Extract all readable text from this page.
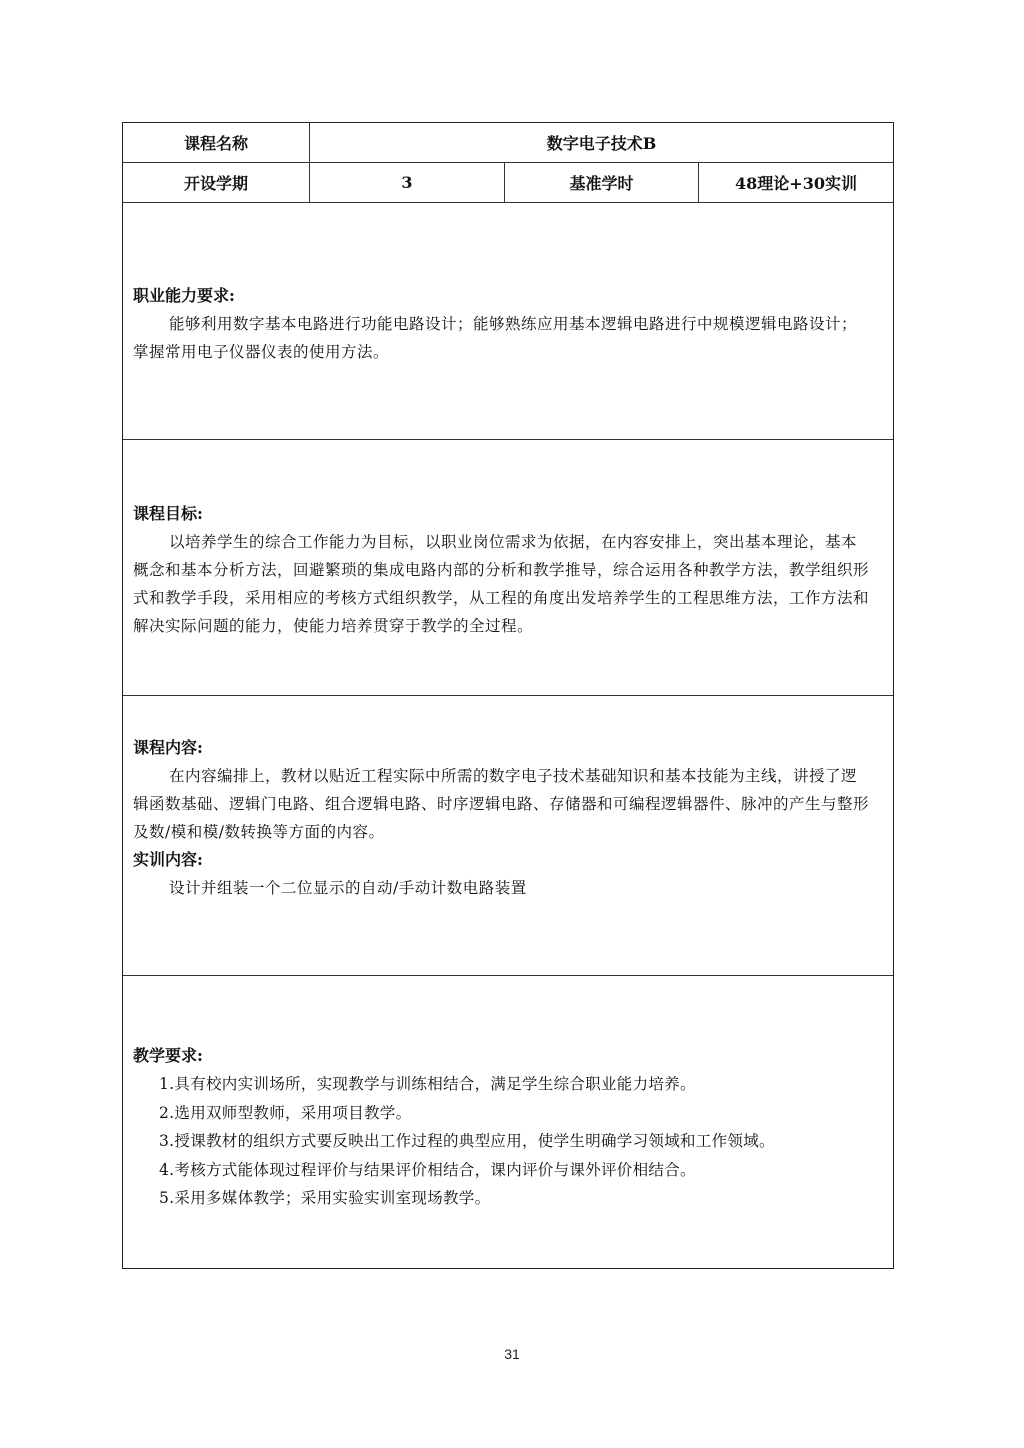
课程名称	数字电子技术B
开设学期	3	基准学时	48理论+30实训
职业能力要求:
能够利用数字基本电路进行功能电路设计；能够熟练应用基本逻辑电路进行中规模逻辑电路设计；掌握常用电子仪器仪表的使用方法。
课程目标:
以培养学生的综合工作能力为目标，以职业岗位需求为依据，在内容安排上，突出基本理论，基本概念和基本分析方法，回避繁琐的集成电路内部的分析和教学推导，综合运用各种教学方法，教学组织形式和教学手段，采用相应的考核方式组织教学，从工程的角度出发培养学生的工程思维方法，工作方法和解决实际问题的能力，使能力培养贯穿于教学的全过程。
课程内容:
在内容编排上，教材以贴近工程实际中所需的数字电子技术基础知识和基本技能为主线，讲授了逻辑函数基础、逻辑门电路、组合逻辑电路、时序逻辑电路、存储器和可编程逻辑器件、脉冲的产生与整形及数/模和模/数转换等方面的内容。
实训内容:
设计并组装一个二位显示的自动/手动计数电路装置
教学要求:
1.具有校内实训场所，实现教学与训练相结合，满足学生综合职业能力培养。
2.选用双师型教师，采用项目教学。
3.授课教材的组织方式要反映出工作过程的典型应用，使学生明确学习领域和工作领域。
4.考核方式能体现过程评价与结果评价相结合，课内评价与课外评价相结合。
5.采用多媒体教学；采用实验实训室现场教学。
31
